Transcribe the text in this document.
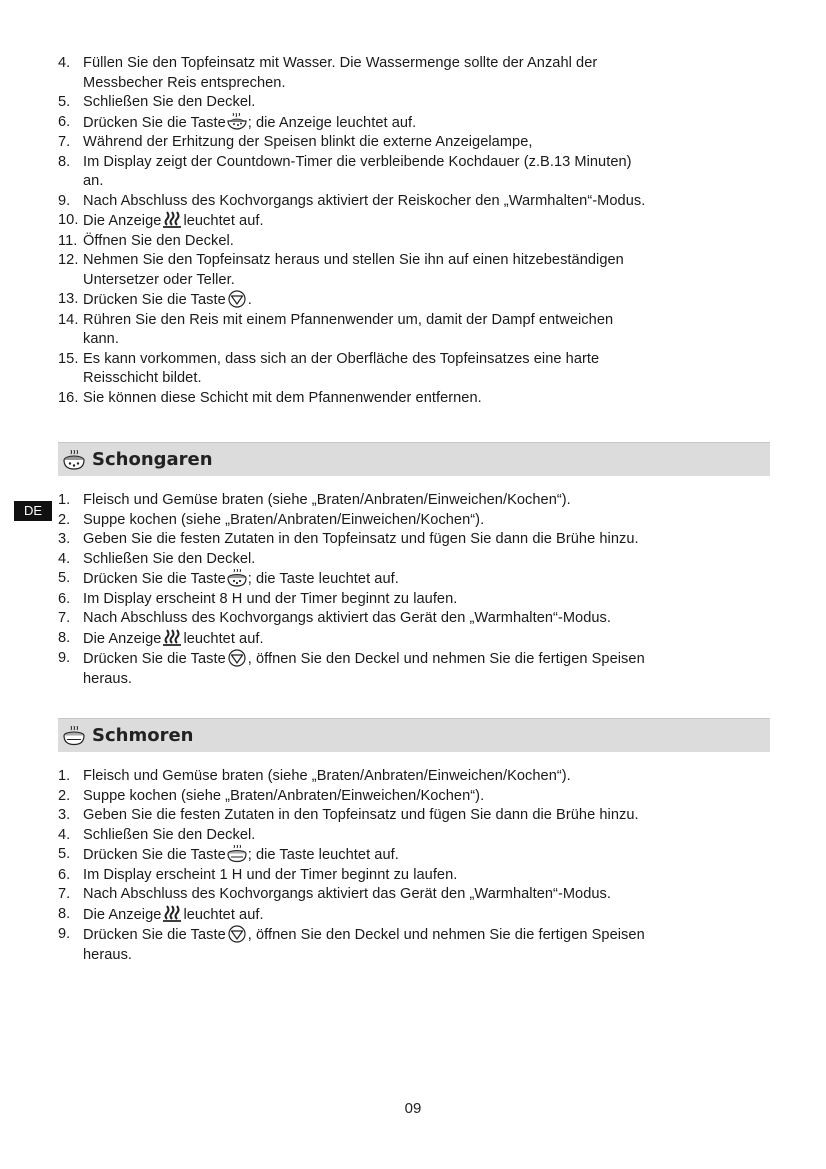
4. Füllen Sie den Topfeinsatz mit Wasser. Die Wassermenge sollte der Anzahl der
Messbecher Reis entsprechen.
5. Schließen Sie den Deckel.
6. Drücken Sie die Taste ; die Anzeige leuchtet auf.
7. Während der Erhitzung der Speisen blinkt die externe Anzeigelampe,
8. Im Display zeigt der Countdown-Timer die verbleibende Kochdauer (z.B.13 Minuten)
an.
9. Nach Abschluss des Kochvorgangs aktiviert der Reiskocher den „Warmhalten“-Modus.
10. Die Anzeige leuchtet auf.
11. Öffnen Sie den Deckel.
12. Nehmen Sie den Topfeinsatz heraus und stellen Sie ihn auf einen hitzebeständigen
Untersetzer oder Teller.
13. Drücken Sie die Taste .
14. Rühren Sie den Reis mit einem Pfannenwender um, damit der Dampf entweichen
kann.
15. Es kann vorkommen, dass sich an der Oberfläche des Topfeinsatzes eine harte
Reisschicht bildet.
16. Sie können diese Schicht mit dem Pfannenwender entfernen.
Schongaren
1. Fleisch und Gemüse braten (siehe „Braten/Anbraten/Einweichen/Kochen“).
2. Suppe kochen (siehe „Braten/Anbraten/Einweichen/Kochen“).
3. Geben Sie die festen Zutaten in den Topfeinsatz und fügen Sie dann die Brühe hinzu.
4. Schließen Sie den Deckel.
5. Drücken Sie die Taste ; die Taste leuchtet auf.
6. Im Display erscheint 8 H und der Timer beginnt zu laufen.
7. Nach Abschluss des Kochvorgangs aktiviert das Gerät den „Warmhalten“-Modus.
8. Die Anzeige leuchtet auf.
9. Drücken Sie die Taste , öffnen Sie den Deckel und nehmen Sie die fertigen Speisen
heraus.
Schmoren
1. Fleisch und Gemüse braten (siehe „Braten/Anbraten/Einweichen/Kochen“).
2. Suppe kochen (siehe „Braten/Anbraten/Einweichen/Kochen“).
3. Geben Sie die festen Zutaten in den Topfeinsatz und fügen Sie dann die Brühe hinzu.
4. Schließen Sie den Deckel.
5. Drücken Sie die Taste ; die Taste leuchtet auf.
6. Im Display erscheint 1 H und der Timer beginnt zu laufen.
7. Nach Abschluss des Kochvorgangs aktiviert das Gerät den „Warmhalten“-Modus.
8. Die Anzeige leuchtet auf.
9. Drücken Sie die Taste , öffnen Sie den Deckel und nehmen Sie die fertigen Speisen
heraus.
DE
09
